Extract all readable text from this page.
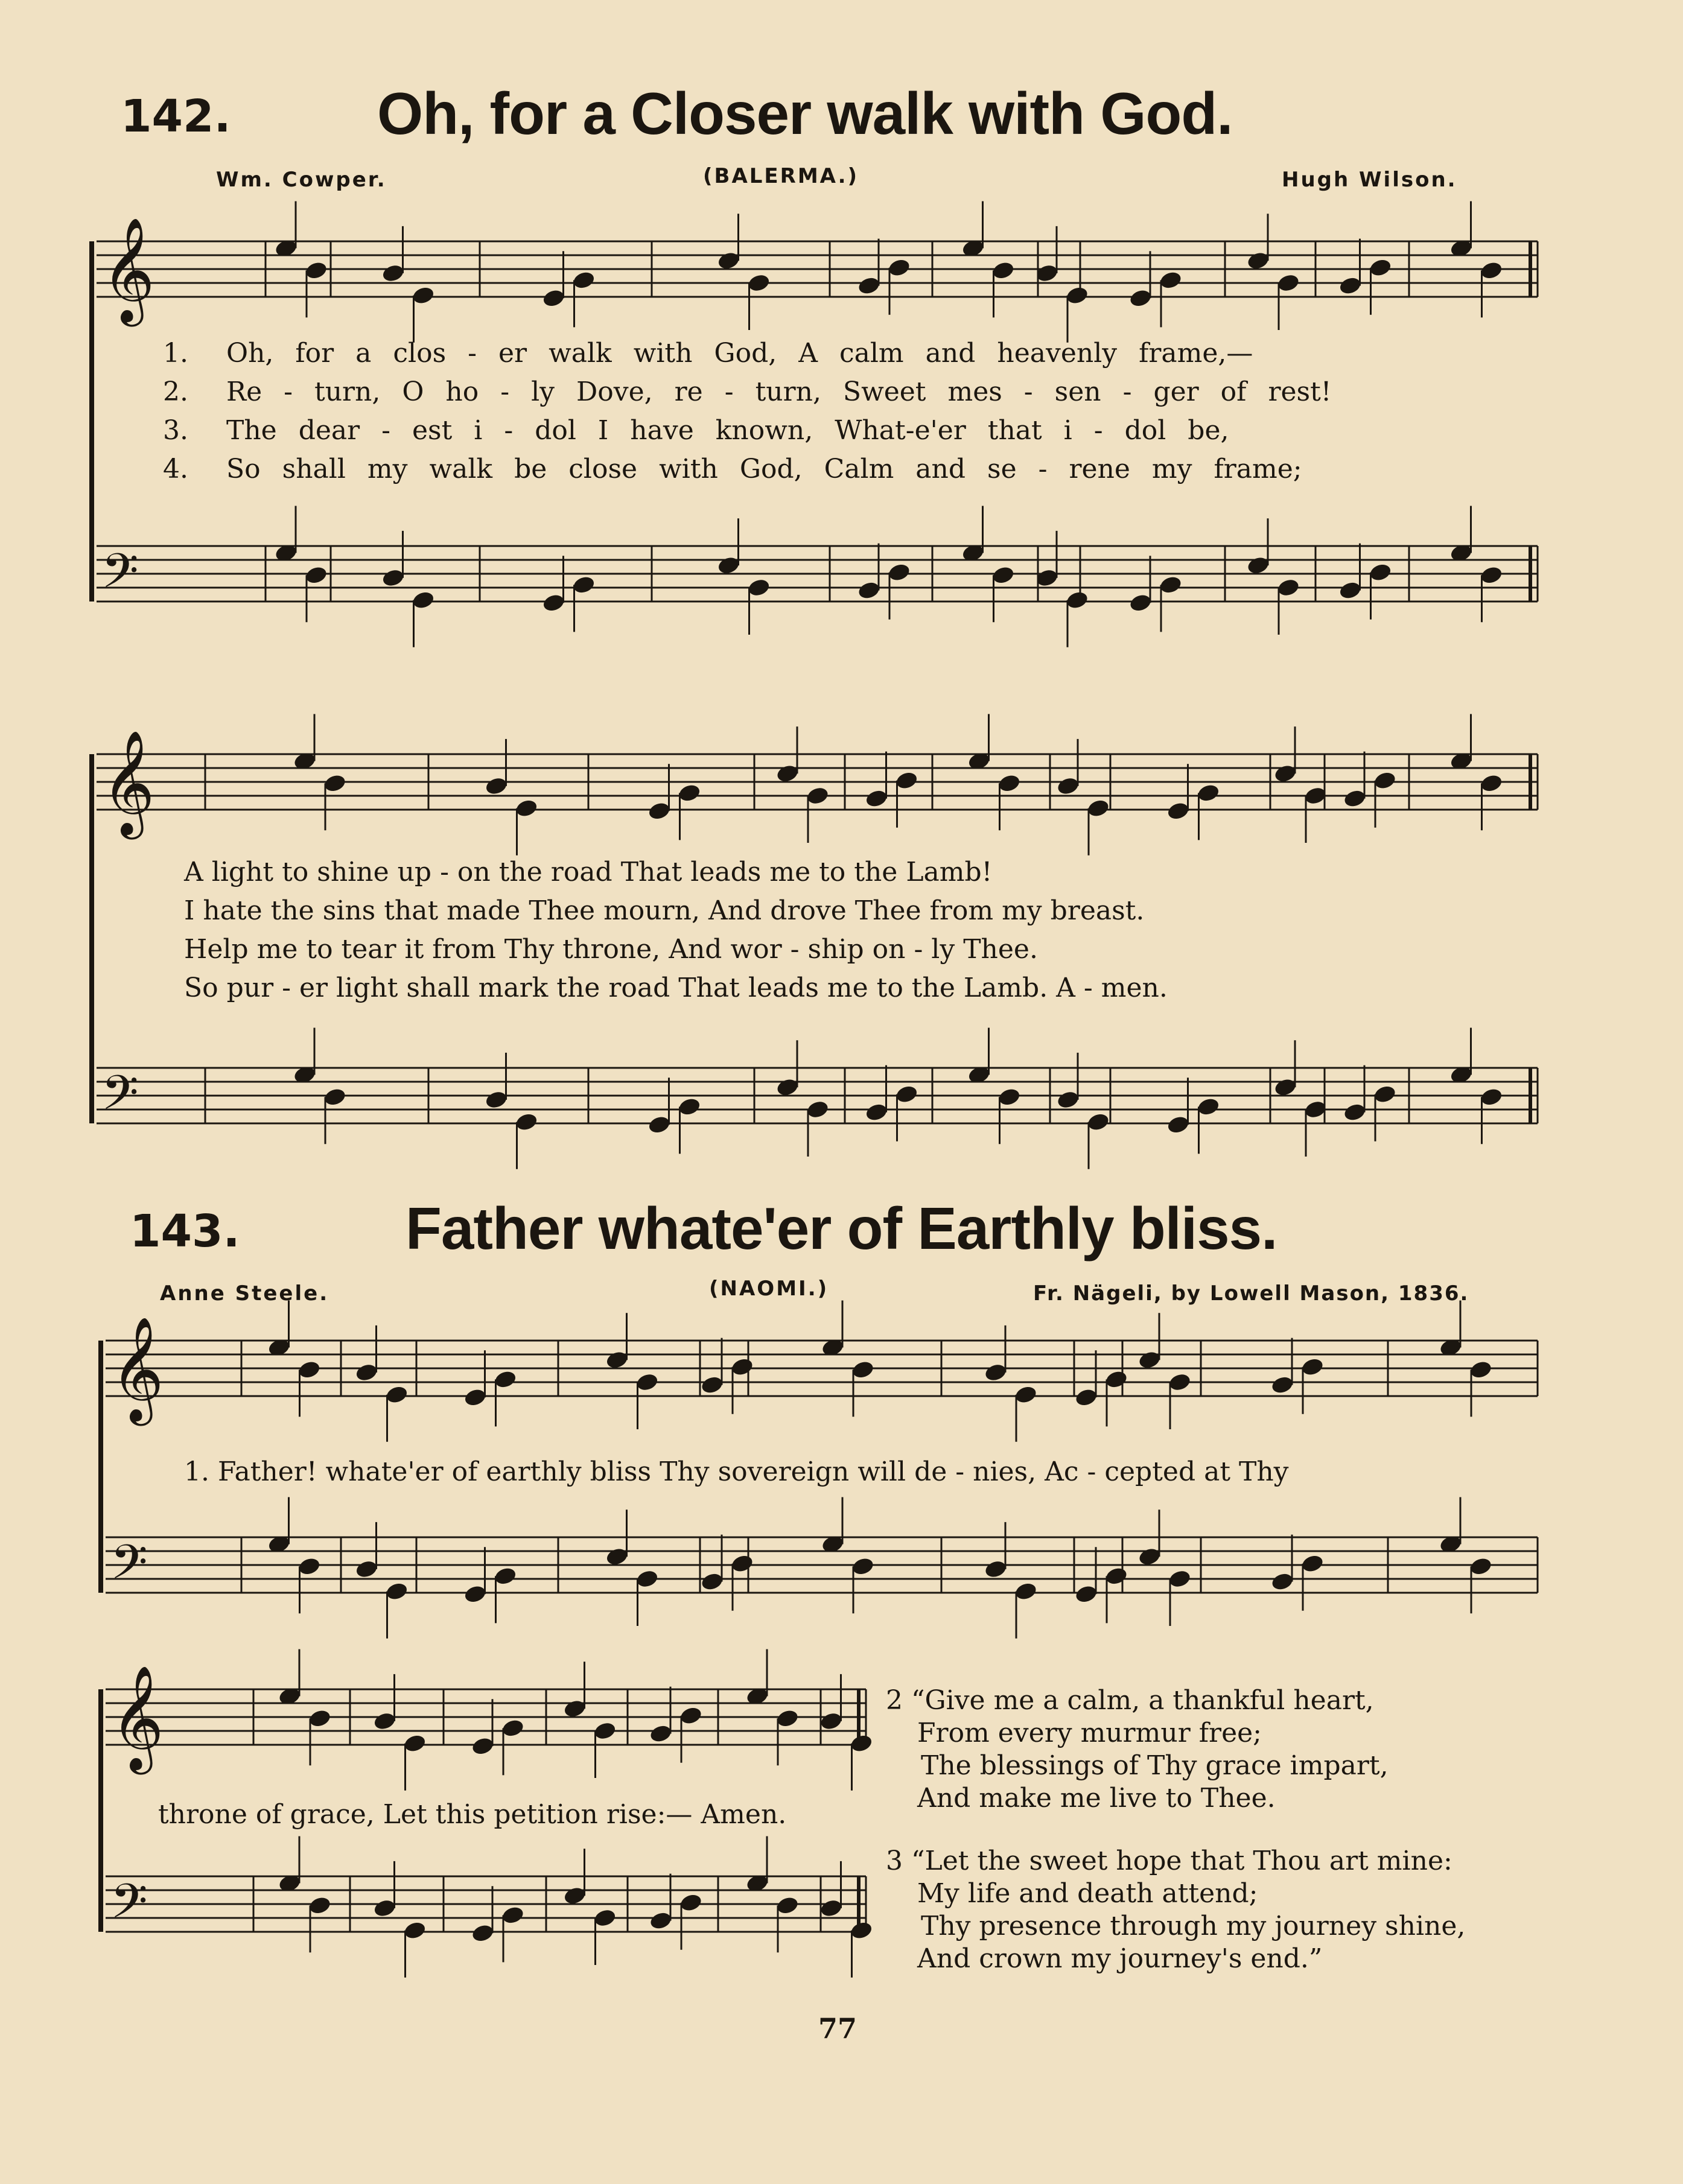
142. Oh, for a Closer walk with God.
Wm. Cowper.	(BALERMA.)	Hugh Wilson.
𝄞
𝄢
𝄞
𝄢
𝄞
𝄢
𝄞
𝄢
1. Oh, for a clos - er walk with God, A calm and heavenly frame,—
2. Re - turn, O ho - ly Dove, re - turn, Sweet mes - sen - ger of rest!
3. The dear - est i - dol I have known, What-e'er that i - dol be,
4. So shall my walk be close with God, Calm and se - rene my frame;
A light to shine up - on the road That leads me to the Lamb!
I hate the sins that made Thee mourn, And drove Thee from my breast.
Help me to tear it from Thy throne, And wor - ship on - ly Thee.
So pur - er light shall mark the road That leads me to the Lamb. A - men.
143.	Father whate'er of Earthly bliss.
Anne Steele.	(NAOMI.)	Fr. Nägeli, by Lowell Mason, 1836.
1. Father! whate'er of earthly bliss Thy sovereign will de - nies, Ac - cepted at Thy
throne of grace, Let this petition rise:— Amen.
2 “Give me a calm, a thankful heart,
From every murmur free;
The blessings of Thy grace impart,
And make me live to Thee.
3 “Let the sweet hope that Thou art mine:
My life and death attend;
Thy presence through my journey shine,
And crown my journey's end.”
77
